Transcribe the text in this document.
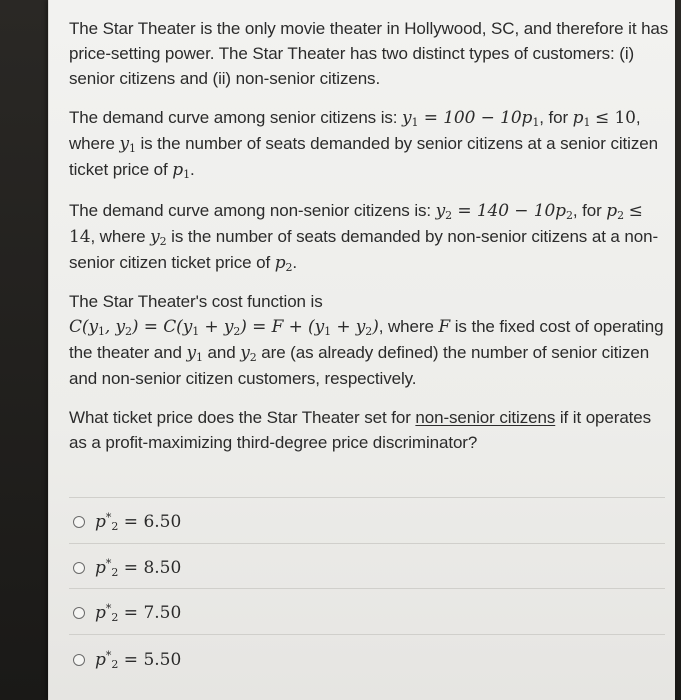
The Star Theater is the only movie theater in Hollywood, SC, and therefore it has price-setting power. The Star Theater has two distinct types of customers: (i) senior citizens and (ii) non-senior citizens.
The demand curve among senior citizens is: $y_1 = 100 - 10p_1$, for $p_1 \le 10$, where $y_1$ is the number of seats demanded by senior citizens at a senior citizen ticket price of $p_1$.
The demand curve among non-senior citizens is: $y_2 = 140 - 10p_2$, for $p_2 \le 14$, where $y_2$ is the number of seats demanded by non-senior citizens at a non-senior citizen ticket price of $p_2$.
The Star Theater's cost function is
$C(y_1$, $y_2) = C(y_1 + y_2) = F + (y_1 + y_2)$, where F is the fixed cost of operating the theater and $y_1$ and $y_2$ are (as already defined) the number of senior citizen and non-senior citizen customers, respectively.
What ticket price does the Star Theater set for non-senior citizens if it operates as a profit-maximizing third-degree price discriminator?
$p^*_2 = 6.50$
$p^*_2 = 8.50$
$p^*_2 = 7.50$
$p^*_2 = 5.50$
